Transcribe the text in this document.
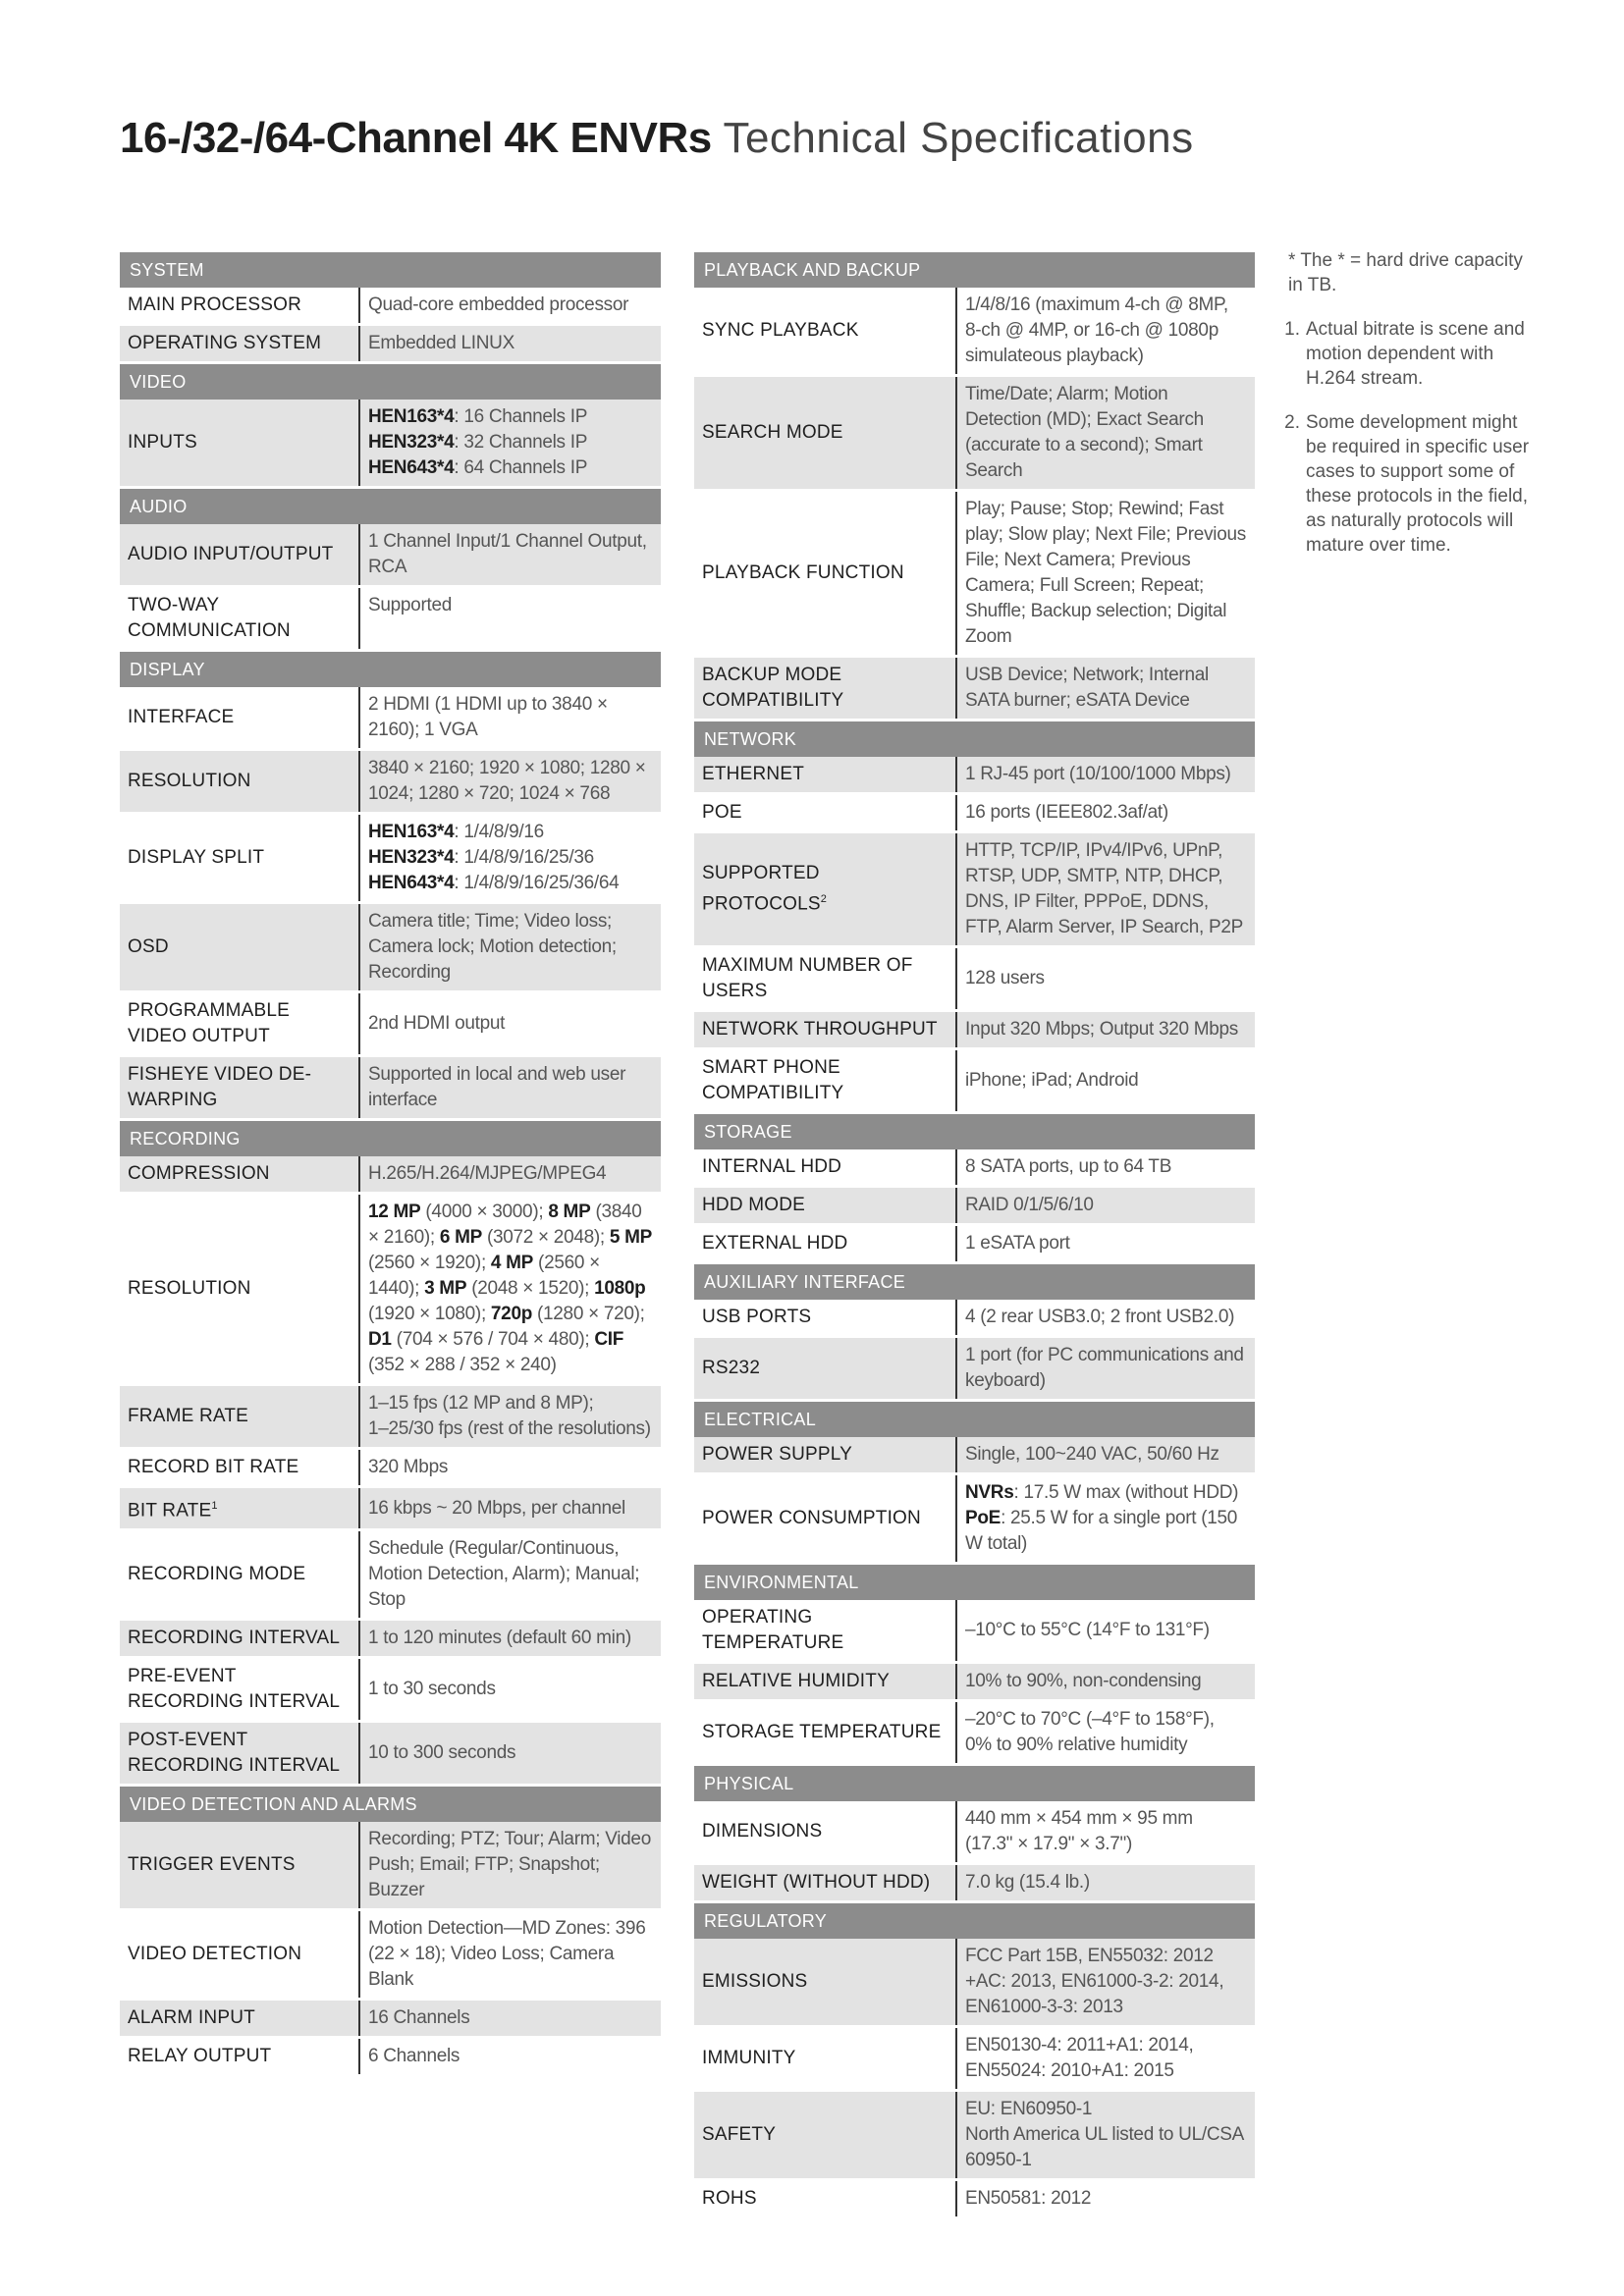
16-/32-/64-Channel 4K ENVRs Technical Specifications
SYSTEM	
MAIN PROCESSOR	Quad-core embedded processor
OPERATING SYSTEM	Embedded LINUX
VIDEO	
INPUTS	HEN163*4: 16 Channels IP
HEN323*4: 32 Channels IP
HEN643*4: 64 Channels IP
AUDIO	
AUDIO INPUT/OUTPUT	1 Channel Input/1 Channel Output, RCA
TWO-WAY COMMUNICATION	Supported
DISPLAY	
INTERFACE	2 HDMI (1 HDMI up to 3840 × 2160); 1 VGA
RESOLUTION	3840 × 2160; 1920 × 1080; 1280 × 1024; 1280 × 720; 1024 × 768
DISPLAY SPLIT	HEN163*4: 1/4/8/9/16
HEN323*4: 1/4/8/9/16/25/36
HEN643*4: 1/4/8/9/16/25/36/64
OSD	Camera title; Time; Video loss; Camera lock; Motion detection; Recording
PROGRAMMABLE VIDEO OUTPUT	2nd HDMI output
FISHEYE VIDEO DE-WARPING	Supported in local and web user interface
RECORDING	
COMPRESSION	H.265/H.264/MJPEG/MPEG4
RESOLUTION	12 MP (4000 × 3000); 8 MP (3840 × 2160); 6 MP (3072 × 2048); 5 MP (2560 × 1920); 4 MP (2560 × 1440); 3 MP (2048 × 1520); 1080p (1920 × 1080); 720p (1280 × 720); D1 (704 × 576 / 704 × 480); CIF (352 × 288 / 352 × 240)
FRAME RATE	1–15 fps (12 MP and 8 MP);
1–25/30 fps (rest of the resolutions)
RECORD BIT RATE	320 Mbps
BIT RATE$^1$	16 kbps ~ 20 Mbps, per channel
RECORDING MODE	Schedule (Regular/Continuous, Motion Detection, Alarm); Manual; Stop
RECORDING INTERVAL	1 to 120 minutes (default 60 min)
PRE-EVENT RECORDING INTERVAL	1 to 30 seconds
POST-EVENT RECORDING INTERVAL	10 to 300 seconds
VIDEO DETECTION AND ALARMS	
TRIGGER EVENTS	Recording; PTZ; Tour; Alarm; Video Push; Email; FTP; Snapshot; Buzzer
VIDEO DETECTION	Motion Detection—MD Zones: 396 (22 × 18); Video Loss; Camera Blank
ALARM INPUT	16 Channels
RELAY OUTPUT	6 Channels
PLAYBACK AND BACKUP	
SYNC PLAYBACK	1/4/8/16 (maximum 4-ch @ 8MP, 8-ch @ 4MP, or 16-ch @ 1080p simulateous playback)
SEARCH MODE	Time/Date; Alarm; Motion Detection (MD); Exact Search (accurate to a second); Smart Search
PLAYBACK FUNCTION	Play; Pause; Stop; Rewind; Fast play; Slow play; Next File; Previous File; Next Camera; Previous Camera; Full Screen; Repeat; Shuffle; Backup selection; Digital Zoom
BACKUP MODE COMPATIBILITY	USB Device; Network; Internal SATA burner; eSATA Device
NETWORK	
ETHERNET	1 RJ-45 port (10/100/1000 Mbps)
POE	16 ports (IEEE802.3af/at)
SUPPORTED PROTOCOLS$^2$	HTTP, TCP/IP, IPv4/IPv6, UPnP, RTSP, UDP, SMTP, NTP, DHCP, DNS, IP Filter, PPPoE, DDNS, FTP, Alarm Server, IP Search, P2P
MAXIMUM NUMBER OF USERS	128 users
NETWORK THROUGHPUT	Input 320 Mbps; Output 320 Mbps
SMART PHONE COMPATIBILITY	iPhone; iPad; Android
STORAGE	
INTERNAL HDD	8 SATA ports, up to 64 TB
HDD MODE	RAID 0/1/5/6/10
EXTERNAL HDD	1 eSATA port
AUXILIARY INTERFACE	
USB PORTS	4 (2 rear USB3.0; 2 front USB2.0)
RS232	1 port (for PC communications and keyboard)
ELECTRICAL	
POWER SUPPLY	Single, 100~240 VAC, 50/60 Hz
POWER CONSUMPTION	NVRs: 17.5 W max (without HDD)
PoE: 25.5 W for a single port (150 W total)
ENVIRONMENTAL	
OPERATING TEMPERATURE	–10°C to 55°C (14°F to 131°F)
RELATIVE HUMIDITY	10% to 90%, non-condensing
STORAGE TEMPERATURE	–20°C to 70°C (–4°F to 158°F),
0% to 90% relative humidity
PHYSICAL	
DIMENSIONS	440 mm × 454 mm × 95 mm
(17.3" × 17.9" × 3.7")
WEIGHT (WITHOUT HDD)	7.0 kg (15.4 lb.)
REGULATORY	
EMISSIONS	FCC Part 15B, EN55032: 2012 +AC: 2013, EN61000-3-2: 2014, EN61000-3-3: 2013
IMMUNITY	EN50130-4: 2011+A1: 2014, EN55024: 2010+A1: 2015
SAFETY	EU: EN60950-1
North America UL listed to UL/CSA 60950-1
ROHS	EN50581: 2012
* The * = hard drive capacity in TB.
1. Actual bitrate is scene and motion dependent with H.264 stream.
2. Some development might be required in specific user cases to support some of these protocols in the field, as naturally protocols will mature over time.
